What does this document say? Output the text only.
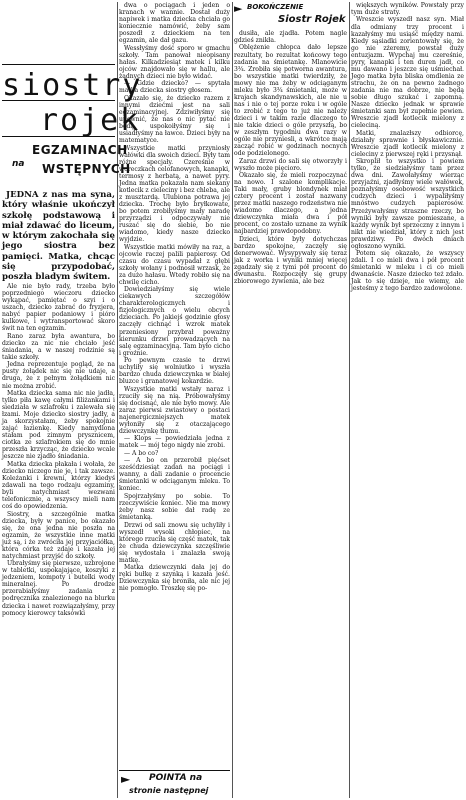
siostry
rojek
na
EGZAMINACH
WSTĘPNYCH

JEDNA z nas ma syna, który właśnie ukończył szkołę podstawową i miał zdawać do liceum, w którym zakochała się jego siostra bez pamięci. Matka, chcąc się przypodobać, poszła bladym świtem.

Ale nie było rady, trzeba było poprzedniego wieczoru dziecko wykąpać, pamiętać o szyi i o uszach, dziecko zabrać do fryzjera, nabyć papier podaniowy i pióro kulkowe, i wytransportować skoro świt na ten egzamin.

Rano zaraz była awantura, bo dziecko za nic nie chciało jeść śniadania, a w naszej rodzinie są takie szkoły.

Jedna reprezentuje pogląd, że na pusty żołądek nic się nie udaje, a druga, że z pełnym żołądkiem nic nie można zrobić.

Matka dziecka sama nic nie jadła, tylko piła kawę całymi filiżankami i siedziała w szlafroku i zalewała się łzami. Moje dziecko siostry jadły, a ja skorzystałam, żeby spokojnie zająć łazienkę. Kiedy namydlona stałam pod zimnym prysznicem, ciotka ze szlafrokiem się do mnie przeszła krzycząc, że dziecko wcale jeszcze nie zjadło śniadania.

Matka dziecka płakała i wołała, że dziecko niczego nie je, i tak zawsze. Koleżanki i krewni, którzy kiedyś zdawali na tego rodzaju egzaminy, byli natychmiast wezwani telefonicznie, a wszyscy mieli nam coś do opowiedzenia.

Siostry, a szczególnie matka dziecka, były w panice, bo okazało się, że ona jedna nie poszła na egzamin, że wszystkie inne matki już są, i że zwróciła jej przyjaciółka, która córka też zdaje i kazała jej natychmiast przyjść do szkoły.

Ubrałyśmy się pierwsze, uzbrojone w tabletki, uspokajające, koszyki z jedzeniem, kompoty i butelki wody mineralnej. Po drodze przerabiałyśmy zadania z podręcznika znalezionego na blurku dziecka i nawet rozwiązałyśmy, przy pomocy kierowcy taksówki

dwa o pociągach i jeden o kranach w wannie. Dostał duży napiwek i matka dziecka chciała go koniecznie namówić, żeby sam poszedł z dzieckiem na ten egzamin, ale dał gazu.

Wessłyśmy dość sporo w gmachu szkoły. Tam panował nieopisany hałas. Kilkadziesiąt matek i kilku ojców znajdowało się w hallu, ale żadnych dzieci nie było widać.

— Gdzie dziecko? — spytała matka dziecka siostry głosem.

Okazało się, że dziecko razem z innymi dziećmi jest na sali egzaminacyjnej. Zdziwiłyśmy się upewnić, że nas o nic pytać nie będą, uspokoiłyśmy się i usiadłyśmy na ławce. Dzieci były na matematyce.

Wszystkie matki przyniosły wałówki dla swoich dzieci. Były tam różne specjały. Czereśnie w woreczkach celofanowych, kanapki, termosy z herbatą, a nawet pyry. Jedna matka pokazała nam siekany kotlecik z cieleciny i bez chleba, ale z musztardą. Ulubiona potrawa jej dziecka. Trochę było bryłkowate, bo potem zrobiłyśmy mały naradę przyrządzi i odpoczywały nie ruszać się do siebie, bo nie wiadomo, kiedy nasze dziecko wyjdzie.

Wszystkie matki mówiły na raz, a ojcowie raczej palili papierosy. Od czasu do czasu wypadał z głębi szkoły wołany i podnosił wrzask, że za dużo hałasu. Wtedy robiło się na chwilę cicho.

Dowiedziałyśmy się wiele ciekawych szczegółów charakterologicznych i fizjologicznych o wielu obcych dzieciach. Po jakiejś godzinie głosy zaczęły cichnąć i wzrok matek przeniesiony przybrał poważny kierunku drzwi prowadzących na salę egzaminacyjną. Tam było cicho i groźnie.

Po pewnym czasie te drzwi uchyliły się wolniutko i wyszła bardzo chuda dziewczynka w białej bluzce i granatowej kokardzie.

Wszystkie matki wstały naraz i rzuciły się na nią. Próbowałyśmy się docisnąć, ale nie było mowy. Ale zaraz pierwsi zwiastowy o postaci najenergiczniejszych matek wyłoniły się z otaczającego dziewczynkę tłumu.

— Klops — powiedziała jedna z matek — mój tego nigdy nie zrobi.

— A bo co?

— A bo on przerobił pięćset sześćdziesiąt zadań na pociągi i wanny, a dali zadanie o procencie śmietanki w odciąganym mleku. To koniec.

Spojrzałyśmy po sobie. To rzeczywiście koniec. Nie ma mowy żeby nasz sobie dał radę ze śmietanką.

Drzwi od sali znowu się uchyliły i wyszedł wysoki chłopiec, na którego rzuciła się część matek, tak że chuda dziewczynka szczęśliwie się wydostała i znalazła swoją matkę.

Matka dziewczynki dała jej do ręki bułkę z szynką i kazała jeść. Dziewczynka się broniła, ale nic jej nie pomogło. Troszkę się po-

► POINTA na
stronie następnej
► BOKOŃCZENIE
Siostr Rojek

dusiła, ale zjadła. Potem nagle gdzieś znikła.

Oblężenie chłopca dało lepsze rezultaty, bo rezultat końcowy tego zadania na śmietankę. Mlanowicie 3¾. Zrobiła się potworna awantura, bo wszystkie matki twierdziły, że mowy nie ma żeby w odciąganym mleku było 3¾ śmietanki, może w krajach skandynawskich, ale nie u nas i nie o tej porze roku i w ogóle to zrobić z tego to już nie należy dzieci i w takim razie dlaczego to nie takie dzieci o góle przyszłą, bo w zeszłym tygodniu dwa razy w ogóle nie przyniesli, a wkrótce mają zacząć robić w godzinach nocnych ode podzielonego.

Zaraz drzwi do sali się otworzyły i wyszło może pięcioro.

Okazało się, że mieli rozpoczynać na nowo. I szalone komplikacje. Taki mały, gruby blondynek miał cztery procent i został nazwany przez matki naszego rodzeństwa nie wiadomo dlaczego, a jedna dziewczynka miała dwa i pół procent, co zostało uznane za wynik najbardziej prawdopodobny.

Dzieci, które były dotychczas bardzo spokojne, zaczęły się denerwować. Wysypywały się teraz jak z worka i wyniki mniej więcej zgadzały się z tymi pół procent do dwunastu. Rozpoczęły się grupy zbiorowego żywienia, ale bez

większych wyników. Powstały przy tym duże straty.

Wreszcie wyszedł nasz syn. Miał dla odmiany trzy procent i kazałyśmy mu usiąść między nami. Kiedy sąsiadki zorientowały się, że go nie zżeremy, powstał duży entuzjazm. Wypchaj mu czereśnie, pyry, kanapki i ten duren jadł, co mu dawano i jeszcze się uśmiechał. Jego matka była bliska omdlenia ze strachu, że on na pewno żadnego zadania nie ma dobrze, nie będą sobie długo szukać i zapomną. Nasze dziecko jednak w sprawie śmietanki sam był zupełnie pewien. Wreszcie zjadł kotlecik mielony z cieleciną.

Matki, znalazłszy odbiorcę, działały sprawnie i błyskawicznie. Wreszcie zjadł kotlecik mielony z cieleciny z pierwszej ręki i przysnął.

Skroplił to wszystko i powiem tylko, że siedziałyśmy tam przez dwa dni. Zawołałyśmy wierząc przyjaźni, zjadłyśmy wiele wałówek, poznałyśmy osobowość wszystkich cudzych dzieci i wypaliłyśmy mnóstwo cudzych papierosów. Przeżywałyśmy straszne rzeczy, bo wyniki były zawsze pomieszane, a każdy wynik był sprzeczny z innym i nikt nie wiedział, który z nich jest prawdziwy. Po dwóch dniach ogłoszono wyniki.

Potem się okazało, że wszyscy zdali. I co mieli dwa i pół procent śmietanki w mleku i ci co mieli dwanaście. Nasze dziecko też zdało. Jak to się dzieje, nie wiemy, ale jesteśmy z tego bardzo zadowolone.
